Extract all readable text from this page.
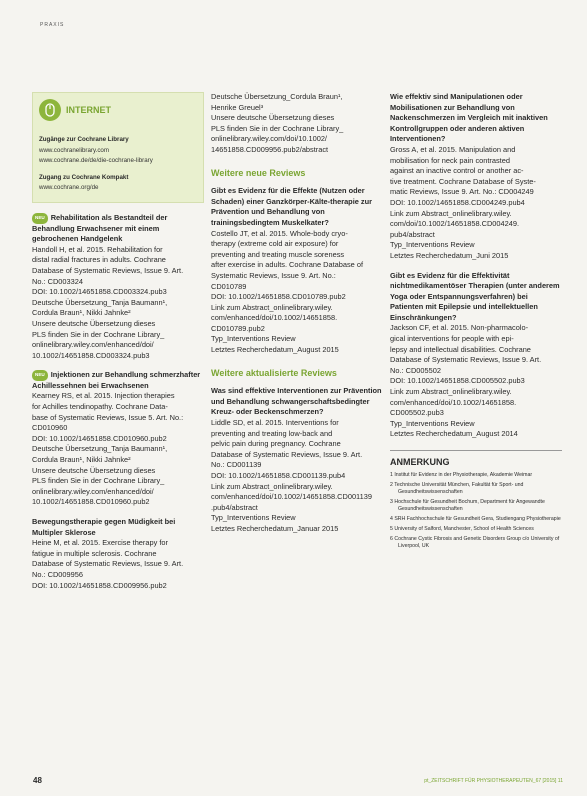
PRAXIS
INTERNET
Zugänge zur Cochrane Library
www.cochranelibrary.com
www.cochrane.de/de/die-cochrane-library
Zugang zu Cochrane Kompakt
www.cochrane.org/de
NEU Rehabilitation als Bestandteil der Behandlung Erwachsener mit einem gebrochenen Handgelenk
Handoll H, et al. 2015. Rehabilitation for
distal radial fractures in adults. Cochrane
Database of Systematic Reviews, Issue 9. Art.
No.: CD003324
DOI: 10.1002/14651858.CD003324.pub3
Deutsche Übersetzung_Tanja Baumann¹,
Cordula Braun¹, Nikki Jahnke²
Unsere deutsche Übersetzung dieses
PLS finden Sie in der Cochrane Library_
onlinelibrary.wiley.com/enhanced/doi/
10.1002/14651858.CD003324.pub3
NEU Injektionen zur Behandlung schmerzhafter Achillessehnen bei Erwachsenen
Kearney RS, et al. 2015. Injection therapies
for Achilles tendinopathy. Cochrane Data-
base of Systematic Reviews, Issue 5. Art. No.:
CD010960
DOI: 10.1002/14651858.CD010960.pub2
Deutsche Übersetzung_Tanja Baumann¹,
Cordula Braun¹, Nikki Jahnke²
Unsere deutsche Übersetzung dieses
PLS finden Sie in der Cochrane Library_
onlinelibrary.wiley.com/enhanced/doi/
10.1002/14651858.CD010960.pub2
Bewegungstherapie gegen Müdigkeit bei Multipler Sklerose
Heine M, et al. 2015. Exercise therapy for
fatigue in multiple sclerosis. Cochrane
Database of Systematic Reviews, Issue 9. Art.
No.: CD009956
DOI: 10.1002/14651858.CD009956.pub2
Deutsche Übersetzung_Cordula Braun¹,
Henrike Greuel³
Unsere deutsche Übersetzung dieses
PLS finden Sie in der Cochrane Library_
onlinelibrary.wiley.com/doi/10.1002/
14651858.CD009956.pub2/abstract
Weitere neue Reviews
Gibt es Evidenz für die Effekte (Nutzen oder Schaden) einer Ganzkörper-Kälte-therapie zur Prävention und Behandlung von trainingsbedingtem Muskelkater?
Costello JT, et al. 2015. Whole-body cryo-
therapy (extreme cold air exposure) for
preventing and treating muscle soreness
after exercise in adults. Cochrane Database of
Systematic Reviews, Issue 9. Art. No.:
CD010789
DOI: 10.1002/14651858.CD010789.pub2
Link zum Abstract_onlinelibrary.wiley.
com/enhanced/doi/10.1002/14651858.
CD010789.pub2
Typ_Interventions Review
Letztes Recherchedatum_August 2015
Weitere aktualisierte Reviews
Was sind effektive Interventionen zur Prävention und Behandlung schwangerschaftsbedingter Kreuz- oder Beckenschmerzen?
Liddle SD, et al. 2015. Interventions for
preventing and treating low-back and
pelvic pain during pregnancy. Cochrane
Database of Systematic Reviews, Issue 9. Art.
No.: CD001139
DOI: 10.1002/14651858.CD001139.pub4
Link zum Abstract_onlinelibrary.wiley.
com/enhanced/doi/10.1002/14651858.CD001139
.pub4/abstract
Typ_Interventions Review
Letztes Recherchedatum_Januar 2015
Wie effektiv sind Manipulationen oder Mobilisationen zur Behandlung von Nackenschmerzen im Vergleich mit inaktiven Kontrollgruppen oder anderen aktiven Interventionen?
Gross A, et al. 2015. Manipulation and
mobilisation for neck pain contrasted
against an inactive control or another ac-
tive treatment. Cochrane Database of Syste-
matic Reviews, Issue 9. Art. No.: CD004249
DOI: 10.1002/14651858.CD004249.pub4
Link zum Abstract_onlinelibrary.wiley.
com/doi/10.1002/14651858.CD004249.
pub4/abstract
Typ_Interventions Review
Letztes Recherchedatum_Juni 2015
Gibt es Evidenz für die Effektivität nichtmedikamentöser Therapien (unter anderem Yoga oder Entspannungsverfahren) bei Patienten mit Epilepsie und intellektuellen Einschränkungen?
Jackson CF, et al. 2015. Non-pharmacolo-
gical interventions for people with epi-
lepsy and intellectual disabilities. Cochrane
Database of Systematic Reviews, Issue 9. Art.
No.: CD005502
DOI: 10.1002/14651858.CD005502.pub3
Link zum Abstract_onlinelibrary.wiley.
com/enhanced/doi/10.1002/14651858.
CD005502.pub3
Typ_Interventions Review
Letztes Recherchedatum_August 2014
ANMERKUNG
1 Institut für Evidenz in der Physiotherapie, Akademie Weimar
2 Technische Universität München, Fakultät für Sport- und Gesundheitswissenschaften
3 Hochschule für Gesundheit Bochum, Department für Angewandte Gesundheitswissenschaften
4 SRH Fachhochschule für Gesundheit Gera, Studiengang Physiotherapie
5 University of Salford, Manchester, School of Health Sciences
6 Cochrane Cystic Fibrosis and Genetic Disorders Group c/o University of Liverpool, UK
48	pt_ZEITSCHRIFT FÜR PHYSIOTHERAPEUTEN_67 [2015] 11
